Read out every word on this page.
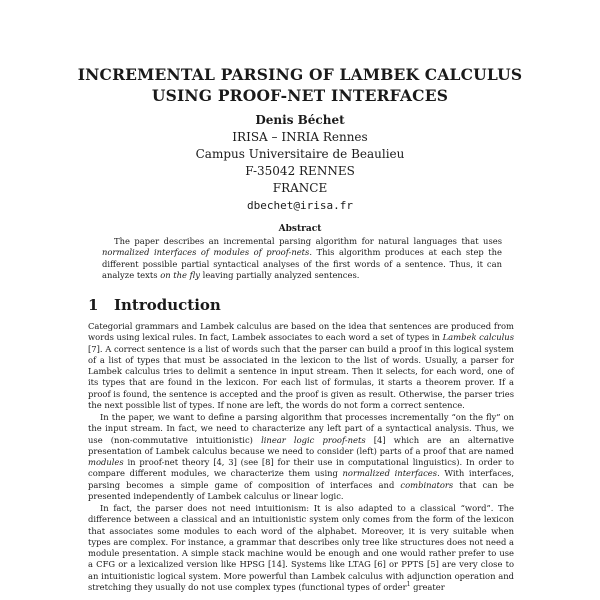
INCREMENTAL PARSING OF LAMBEK CALCULUS
USING PROOF-NET INTERFACES
Denis Béchet
IRISA – INRIA Rennes
Campus Universitaire de Beaulieu
F-35042 RENNES
FRANCE
dbechet@irisa.fr
Abstract
The paper describes an incremental parsing algorithm for natural languages that uses normalized interfaces of modules of proof-nets. This algorithm produces at each step the different possible partial syntactical analyses of the first words of a sentence. Thus, it can analyze texts on the fly leaving partially analyzed sentences.
1 Introduction

Categorial grammars and Lambek calculus are based on the idea that sentences are produced from words using lexical rules. In fact, Lambek associates to each word a set of types in Lambek calculus [7]. A correct sentence is a list of words such that the parser can build a proof in this logical system of a list of types that must be associated in the lexicon to the list of words. Usually, a parser for Lambek calculus tries to delimit a sentence in input stream. Then it selects, for each word, one of its types that are found in the lexicon. For each list of formulas, it starts a theorem prover. If a proof is found, the sentence is accepted and the proof is given as result. Otherwise, the parser tries the next possible list of types. If none are left, the words do not form a correct sentence.

In the paper, we want to define a parsing algorithm that processes incrementally “on the fly” on the input stream. In fact, we need to characterize any left part of a syntactical analysis. Thus, we use (non-commutative intuitionistic) linear logic proof-nets [4] which are an alternative presentation of Lambek calculus because we need to consider (left) parts of a proof that are named modules in proof-net theory [4, 3] (see [8] for their use in computational linguistics). In order to compare different modules, we characterize them using normalized interfaces. With interfaces, parsing becomes a simple game of composition of interfaces and combinators that can be presented independently of Lambek calculus or linear logic.

In fact, the parser does not need intuitionism: It is also adapted to a classical “word”. The difference between a classical and an intuitionistic system only comes from the form of the lexicon that associates some modules to each word of the alphabet. Moreover, it is very suitable when types are complex. For instance, a grammar that describes only tree like structures does not need a module presentation. A simple stack machine would be enough and one would rather prefer to use a CFG or a lexicalized version like HPSG [14]. Systems like LTAG [6] or PPTS [5] are very close to an intuitionistic logical system. More powerful than Lambek calculus with adjunction operation and stretching they usually do not use complex types (functional types of order$^1$ greater
